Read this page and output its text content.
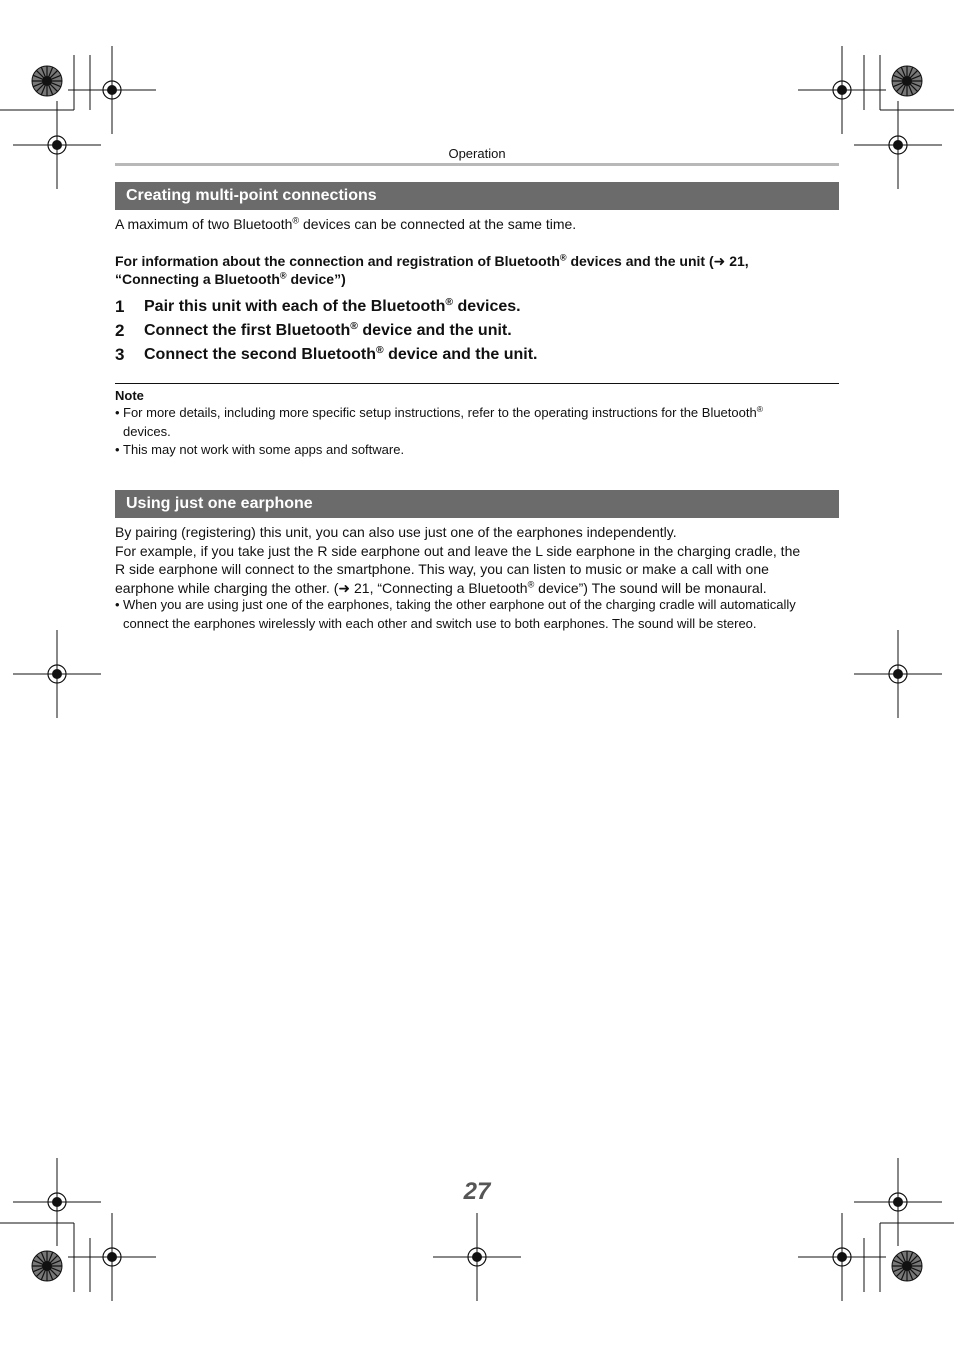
Operation
Creating multi-point connections
A maximum of two Bluetooth® devices can be connected at the same time.
For information about the connection and registration of Bluetooth® devices and the unit (➜ 21,
“Connecting a Bluetooth® device”)
1 Pair this unit with each of the Bluetooth® devices.
2 Connect the first Bluetooth® device and the unit.
3 Connect the second Bluetooth® device and the unit.
Note
• For more details, including more specific setup instructions, refer to the operating instructions for the Bluetooth®
devices.
• This may not work with some apps and software.
Using just one earphone
By pairing (registering) this unit, you can also use just one of the earphones independently.
For example, if you take just the R side earphone out and leave the L side earphone in the charging cradle, the
R side earphone will connect to the smartphone. This way, you can listen to music or make a call with one
earphone while charging the other. (➜ 21, “Connecting a Bluetooth® device”) The sound will be monaural.
• When you are using just one of the earphones, taking the other earphone out of the charging cradle will automatically
connect the earphones wirelessly with each other and switch use to both earphones. The sound will be stereo.
27
